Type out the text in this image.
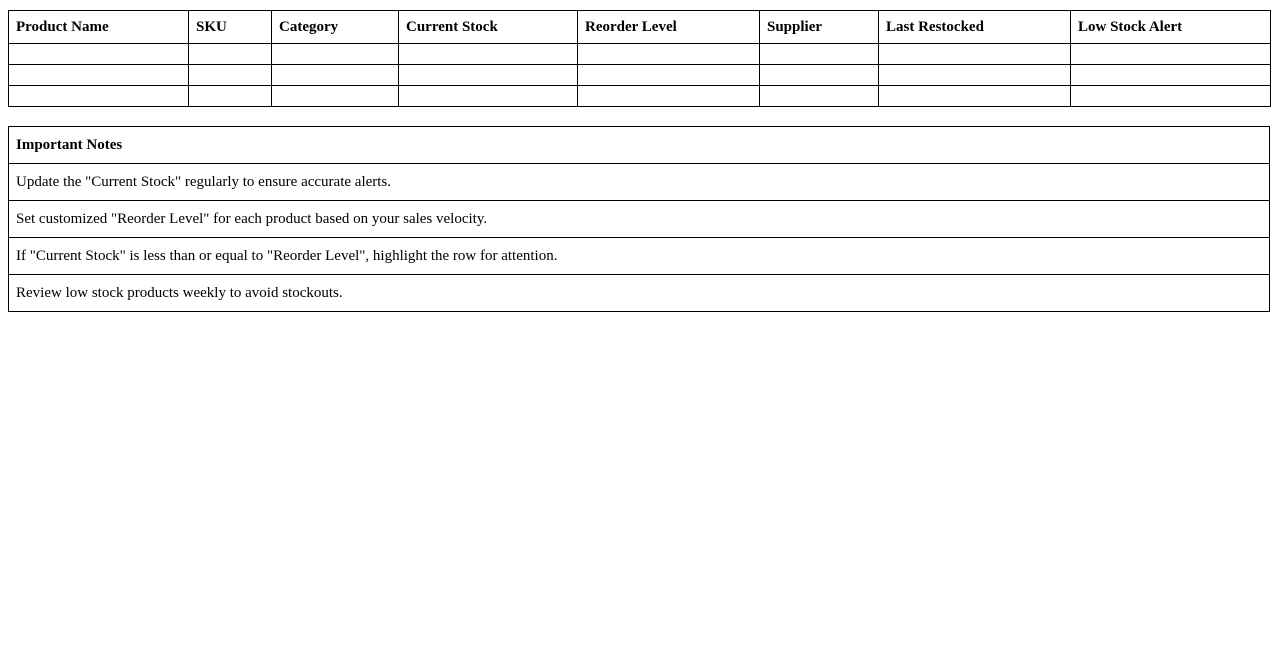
Product Name	SKU	Category	Current Stock	Reorder Level	Supplier	Last Restocked	Low Stock Alert

Important Notes
Update the "Current Stock" regularly to ensure accurate alerts.
Set customized "Reorder Level" for each product based on your sales velocity.
If "Current Stock" is less than or equal to "Reorder Level", highlight the row for attention.
Review low stock products weekly to avoid stockouts.
